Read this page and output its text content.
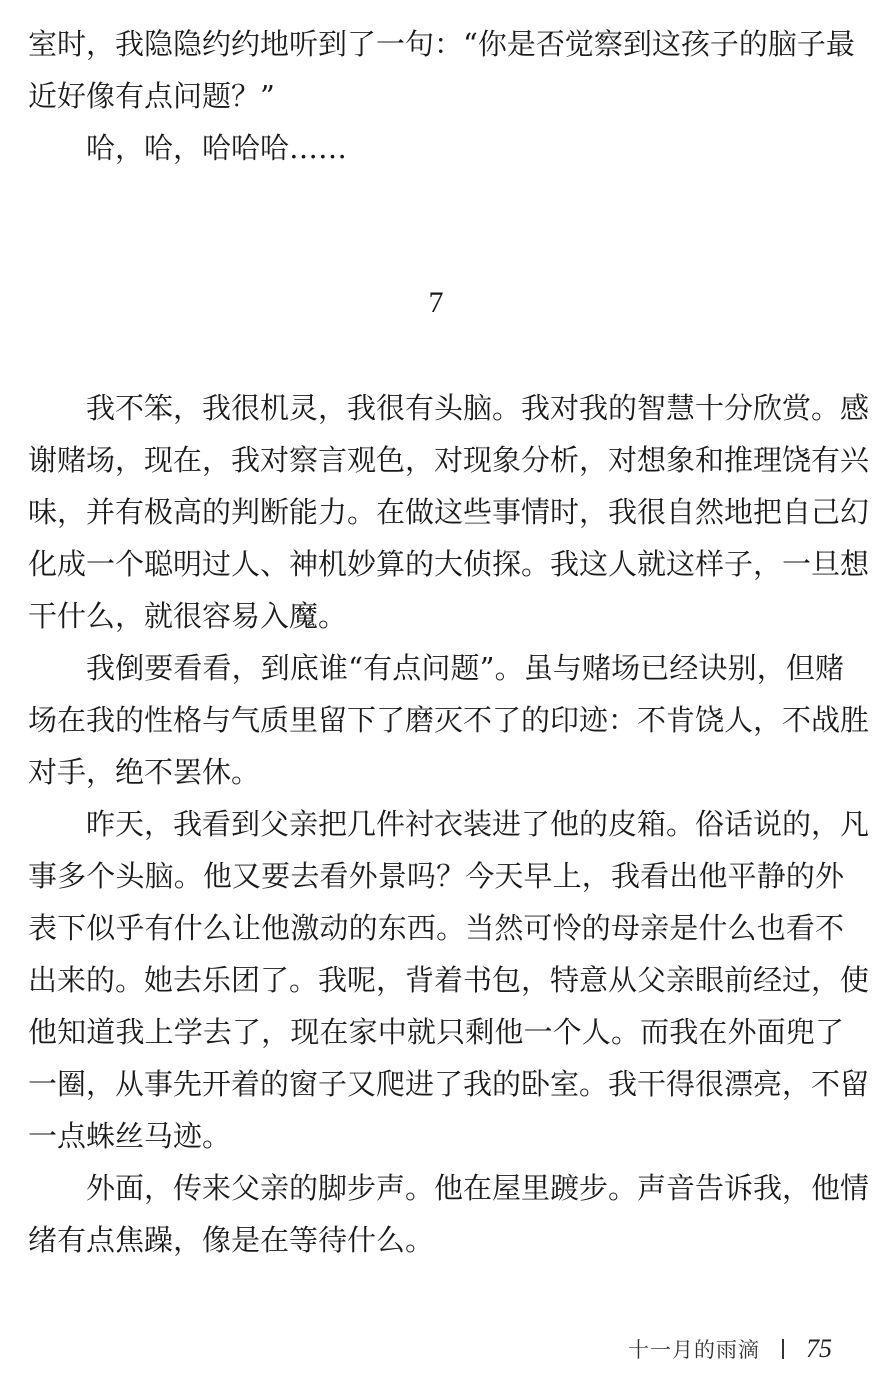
室时，我隐隐约约地听到了一句：“你是否觉察到这孩子的脑子最
近好像有点问题？”
哈，哈，哈哈哈……
7
我不笨，我很机灵，我很有头脑。我对我的智慧十分欣赏。感
谢赌场，现在，我对察言观色，对现象分析，对想象和推理饶有兴
味，并有极高的判断能力。在做这些事情时，我很自然地把自己幻
化成一个聪明过人、神机妙算的大侦探。我这人就这样子，一旦想
干什么，就很容易入魔。
我倒要看看，到底谁“有点问题”。虽与赌场已经诀别，但赌
场在我的性格与气质里留下了磨灭不了的印迹：不肯饶人，不战胜
对手，绝不罢休。
昨天，我看到父亲把几件衬衣装进了他的皮箱。俗话说的，凡
事多个头脑。他又要去看外景吗？今天早上，我看出他平静的外
表下似乎有什么让他激动的东西。当然可怜的母亲是什么也看不
出来的。她去乐团了。我呢，背着书包，特意从父亲眼前经过，使
他知道我上学去了，现在家中就只剩他一个人。而我在外面兜了
一圈，从事先开着的窗子又爬进了我的卧室。我干得很漂亮，不留
一点蛛丝马迹。
外面，传来父亲的脚步声。他在屋里踱步。声音告诉我，他情
绪有点焦躁，像是在等待什么。
十一月的雨滴 75
